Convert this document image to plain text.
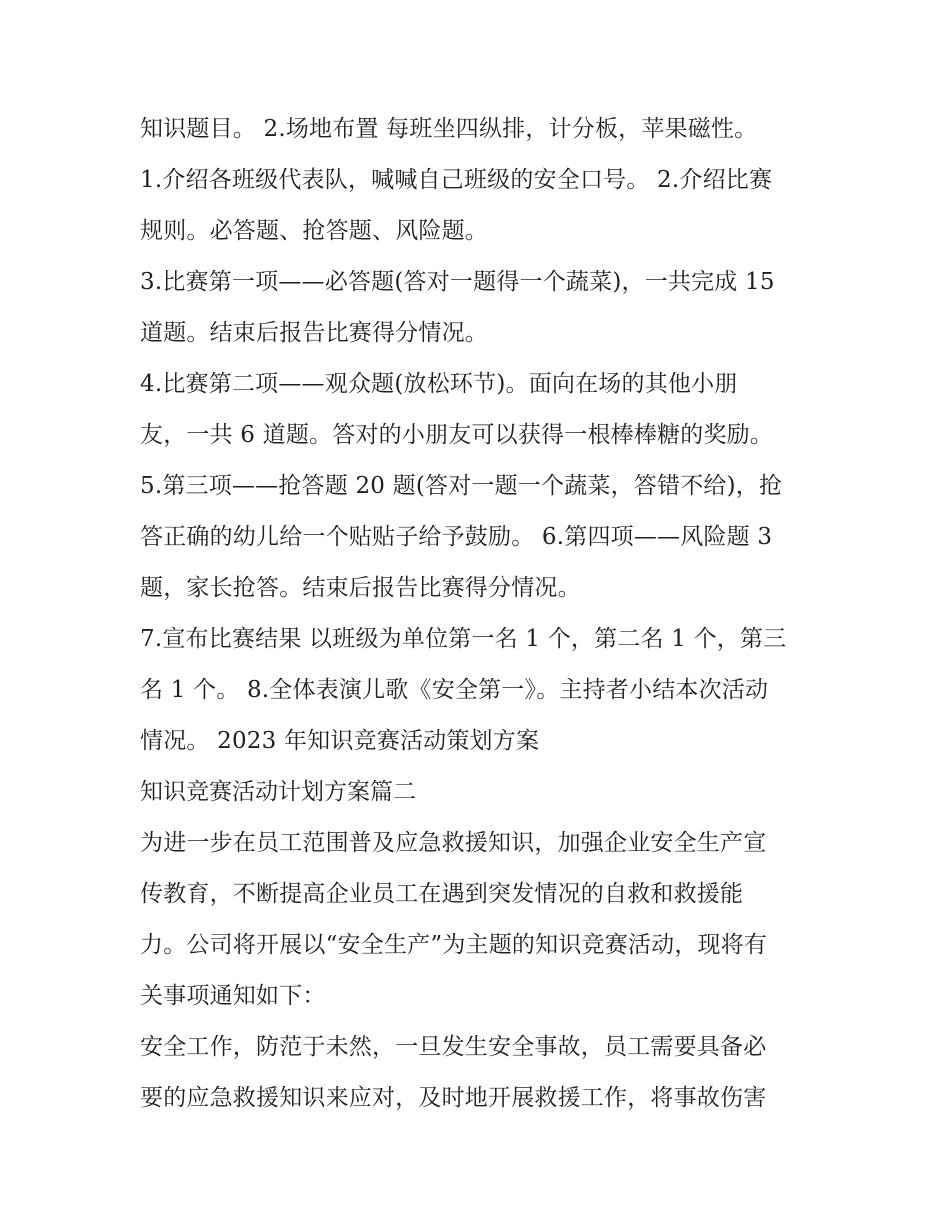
知识题目。 2.场地布置 每班坐四纵排，计分板，苹果磁性。
1.介绍各班级代表队，喊喊自己班级的安全口号。 2.介绍比赛
规则。必答题、抢答题、风险题。
3.比赛第一项——必答题(答对一题得一个蔬菜)，一共完成 15
道题。结束后报告比赛得分情况。
4.比赛第二项——观众题(放松环节)。面向在场的其他小朋
友，一共 6 道题。答对的小朋友可以获得一根棒棒糖的奖励。
5.第三项——抢答题 20 题(答对一题一个蔬菜，答错不给)，抢
答正确的幼儿给一个贴贴子给予鼓励。 6.第四项——风险题 3
题，家长抢答。结束后报告比赛得分情况。
7.宣布比赛结果 以班级为单位第一名 1 个，第二名 1 个，第三
名 1 个。 8.全体表演儿歌《安全第一》。主持者小结本次活动
情况。 2023 年知识竞赛活动策划方案
知识竞赛活动计划方案篇二
为进一步在员工范围普及应急救援知识，加强企业安全生产宣
传教育，不断提高企业员工在遇到突发情况的自救和救援能
力。公司将开展以“安全生产”为主题的知识竞赛活动，现将有
关事项通知如下：
安全工作，防范于未然，一旦发生安全事故，员工需要具备必
要的应急救援知识来应对，及时地开展救援工作，将事故伤害
